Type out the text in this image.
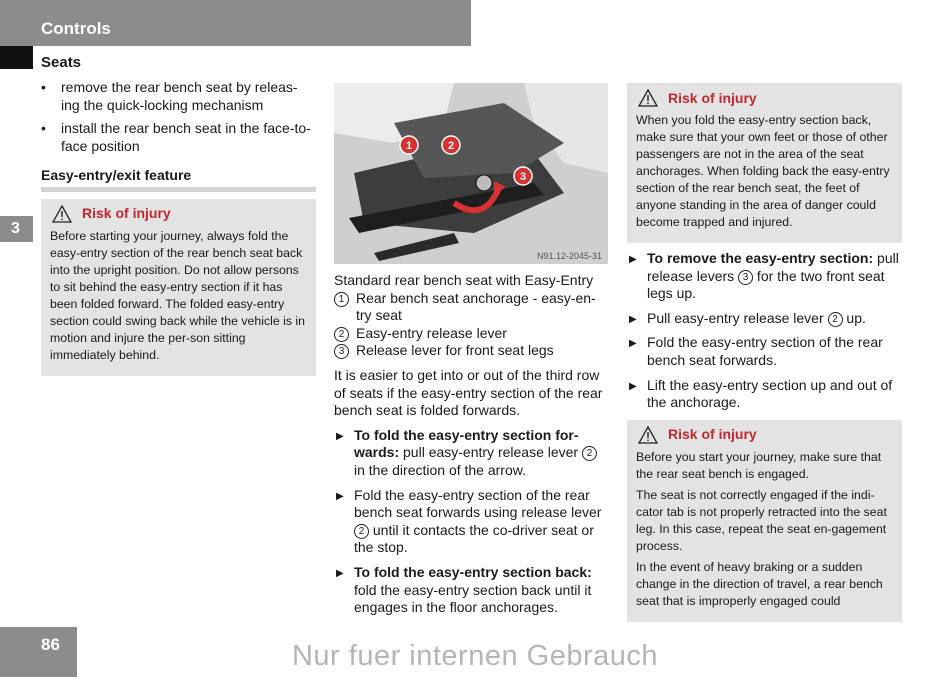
Controls
Seats
3
• remove the rear bench seat by releas-ing the quick-locking mechanism
• install the rear bench seat in the face-to-face position
Easy-entry/exit feature
Risk of injury

Before starting your journey, always fold the easy-entry section of the rear bench seat back into the upright position. Do not allow persons to sit behind the easy-entry section if it has been folded forward. The folded easy-entry section could swing back while the vehicle is in motion and injure the per-son sitting immediately behind.

1	2
3
N91.12-2045-31
Standard rear bench seat with Easy-Entry
1 Rear bench seat anchorage - easy-en-try seat
2 Easy-entry release lever
3 Release lever for front seat legs
It is easier to get into or out of the third row of seats if the easy-entry section of the rear bench seat is folded forwards.
▶ To fold the easy-entry section for-wards: pull easy-entry release lever 2 in the direction of the arrow.
▶ Fold the easy-entry section of the rear bench seat forwards using release lever 2 until it contacts the co-driver seat or the stop.
▶ To fold the easy-entry section back: fold the easy-entry section back until it engages in the floor anchorages.
Risk of injury

When you fold the easy-entry section back, make sure that your own feet or those of other passengers are not in the area of the seat anchorages. When folding back the easy-entry section of the rear bench seat, the feet of anyone standing in the area of danger could become trapped and injured.

▶ To remove the easy-entry section: pull release levers 3 for the two front seat legs up.
▶ Pull easy-entry release lever 2 up.
▶ Fold the easy-entry section of the rear bench seat forwards.
▶ Lift the easy-entry section up and out of the anchorage.
Risk of injury

Before you start your journey, make sure that the rear seat bench is engaged.

The seat is not correctly engaged if the indi-cator tab is not properly retracted into the seat leg. In this case, repeat the seat en-gagement process.

In the event of heavy braking or a sudden change in the direction of travel, a rear bench seat that is improperly engaged could

86	Nur fuer internen Gebrauch
